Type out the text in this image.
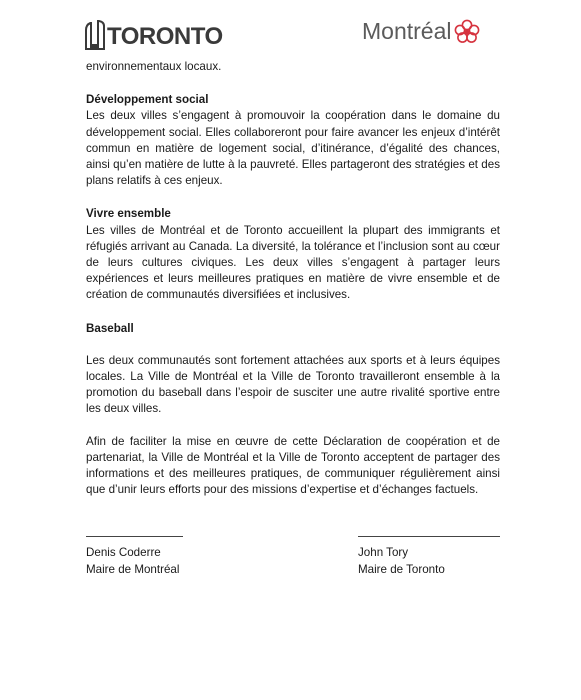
TORONTO	Montréal

environnementaux locaux.

Développement social

Les deux villes s’engagent à promouvoir la coopération dans le domaine du développement social. Elles collaboreront pour faire avancer les enjeux d’intérêt commun en matière de logement social, d’itinérance, d’égalité des chances, ainsi qu’en matière de lutte à la pauvreté. Elles partageront des stratégies et des plans relatifs à ces enjeux.

Vivre ensemble

Les villes de Montréal et de Toronto accueillent la plupart des immigrants et réfugiés arrivant au Canada. La diversité, la tolérance et l’inclusion sont au cœur de leurs cultures civiques. Les deux villes s’engagent à partager leurs expériences et leurs meilleures pratiques en matière de vivre ensemble et de création de communautés diversifiées et inclusives.

Baseball

Les deux communautés sont fortement attachées aux sports et à leurs équipes locales. La Ville de Montréal et la Ville de Toronto travailleront ensemble à la promotion du baseball dans l’espoir de susciter une autre rivalité sportive entre les deux villes.

Afin de faciliter la mise en œuvre de cette Déclaration de coopération et de partenariat, la Ville de Montréal et la Ville de Toronto acceptent de partager des informations et des meilleures pratiques, de communiquer régulièrement ainsi que d’unir leurs efforts pour des missions d’expertise et d’échanges factuels.

Denis Coderre
Maire de Montréal
John Tory
Maire de Toronto
